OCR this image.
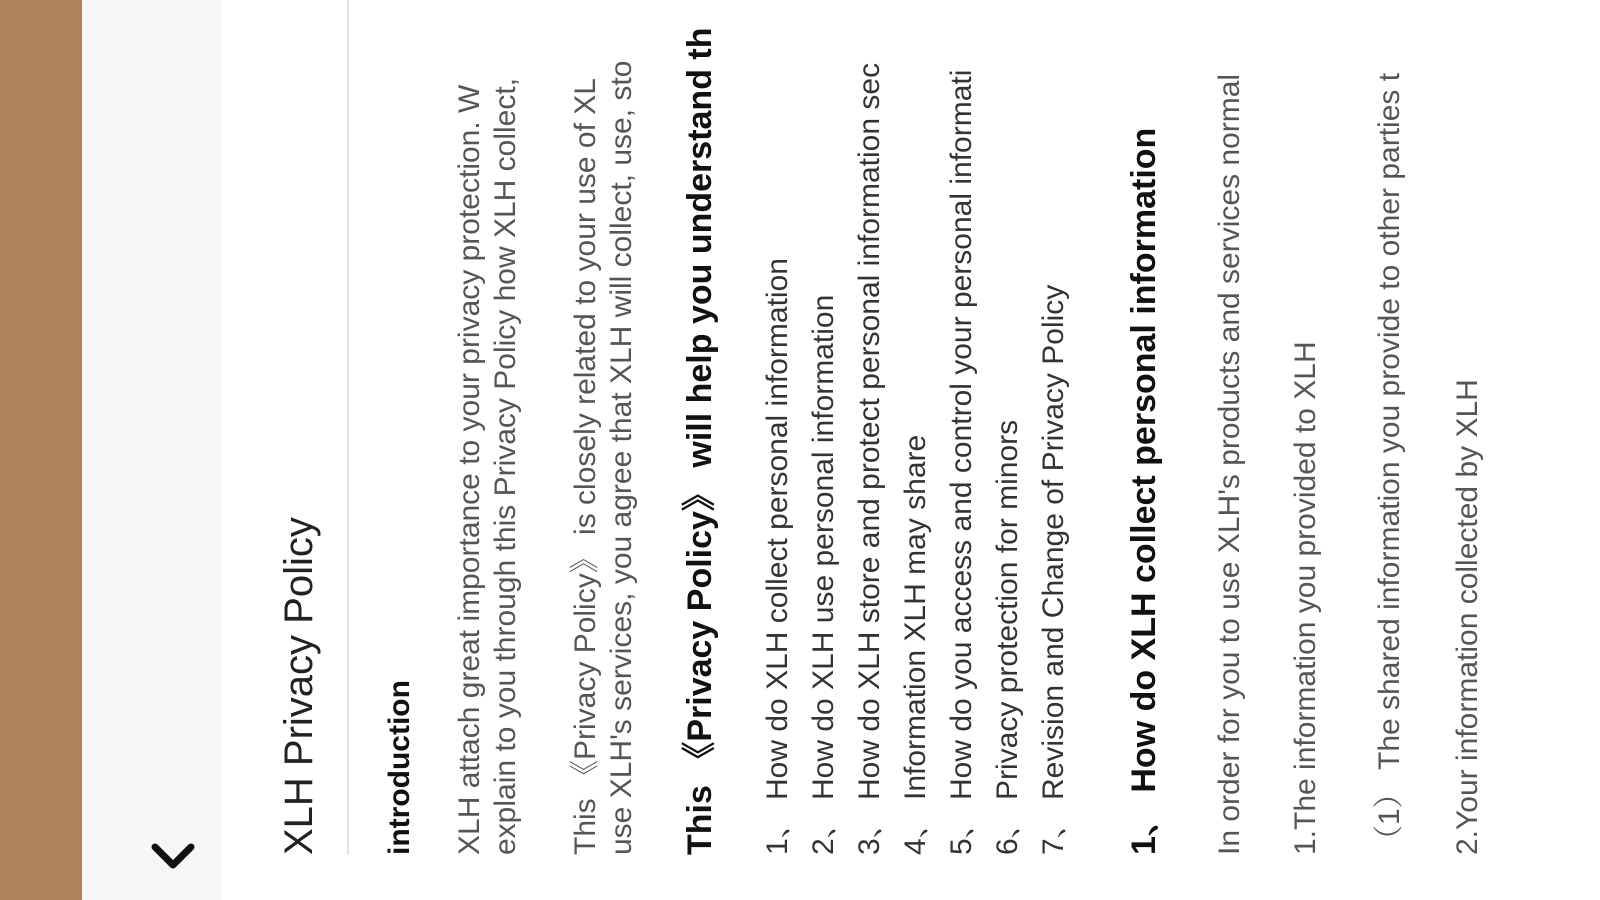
XLH Privacy Policy introduction XLH attach great importance to your privacy protection. W explain to you through this Privacy Policy how XLH collect, This 《Privacy Policy》 is closely related to your use of XL use XLH's services, you agree that XLH will collect, use, sto This 《Privacy Policy》 will help you understand th 1、 How do XLH collect personal information 2、 How do XLH use personal information 3、 How do XLH store and protect personal information sec 4、 Information XLH may share 5、 How do you access and control your personal informati 6、 Privacy protection for minors 7、 Revision and Change of Privacy Policy 1、 How do XLH collect personal information In order for you to use XLH's products and services normal 1.The information you provided to XLH （1） The shared information you provide to other parties t 2.Your information collected by XLH
